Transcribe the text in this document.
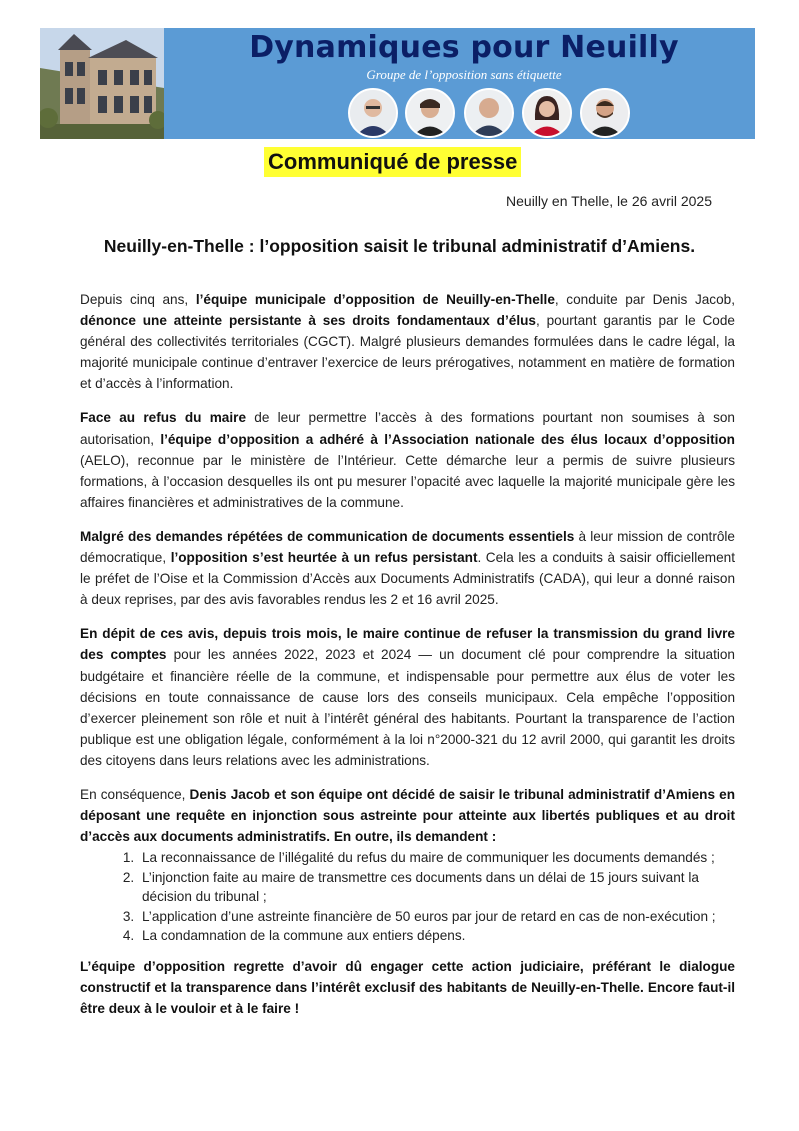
Dynamiques pour Neuilly
Groupe de l’opposition sans étiquette
Communiqué de presse
Neuilly en Thelle, le 26 avril 2025
Neuilly-en-Thelle : l’opposition saisit le tribunal administratif d’Amiens.

Depuis cinq ans, l’équipe municipale d’opposition de Neuilly-en-Thelle, conduite par Denis Jacob, dénonce une atteinte persistante à ses droits fondamentaux d’élus, pourtant garantis par le Code général des collectivités territoriales (CGCT). Malgré plusieurs demandes formulées dans le cadre légal, la majorité municipale continue d’entraver l’exercice de leurs prérogatives, notamment en matière de formation et d’accès à l’information.

Face au refus du maire de leur permettre l’accès à des formations pourtant non soumises à son autorisation, l’équipe d’opposition a adhéré à l’Association nationale des élus locaux d’opposition (AELO), reconnue par le ministère de l’Intérieur. Cette démarche leur a permis de suivre plusieurs formations, à l’occasion desquelles ils ont pu mesurer l’opacité avec laquelle la majorité municipale gère les affaires financières et administratives de la commune.

Malgré des demandes répétées de communication de documents essentiels à leur mission de contrôle démocratique, l’opposition s’est heurtée à un refus persistant. Cela les a conduits à saisir officiellement le préfet de l’Oise et la Commission d’Accès aux Documents Administratifs (CADA), qui leur a donné raison à deux reprises, par des avis favorables rendus les 2 et 16 avril 2025.

En dépit de ces avis, depuis trois mois, le maire continue de refuser la transmission du grand livre des comptes pour les années 2022, 2023 et 2024 — un document clé pour comprendre la situation budgétaire et financière réelle de la commune, et indispensable pour permettre aux élus de voter les décisions en toute connaissance de cause lors des conseils municipaux. Cela empêche l’opposition d’exercer pleinement son rôle et nuit à l’intérêt général des habitants. Pourtant la transparence de l’action publique est une obligation légale, conformément à la loi n°2000-321 du 12 avril 2000, qui garantit les droits des citoyens dans leurs relations avec les administrations.

En conséquence, Denis Jacob et son équipe ont décidé de saisir le tribunal administratif d’Amiens en déposant une requête en injonction sous astreinte pour atteinte aux libertés publiques et au droit d’accès aux documents administratifs. En outre, ils demandent :

1. La reconnaissance de l’illégalité du refus du maire de communiquer les documents demandés ;
2. L’injonction faite au maire de transmettre ces documents dans un délai de 15 jours suivant la décision du tribunal ;
3. L’application d’une astreinte financière de 50 euros par jour de retard en cas de non-exécution ;
4. La condamnation de la commune aux entiers dépens.

L’équipe d’opposition regrette d’avoir dû engager cette action judiciaire, préférant le dialogue constructif et la transparence dans l’intérêt exclusif des habitants de Neuilly-en-Thelle. Encore faut-il être deux à le vouloir et à le faire !
